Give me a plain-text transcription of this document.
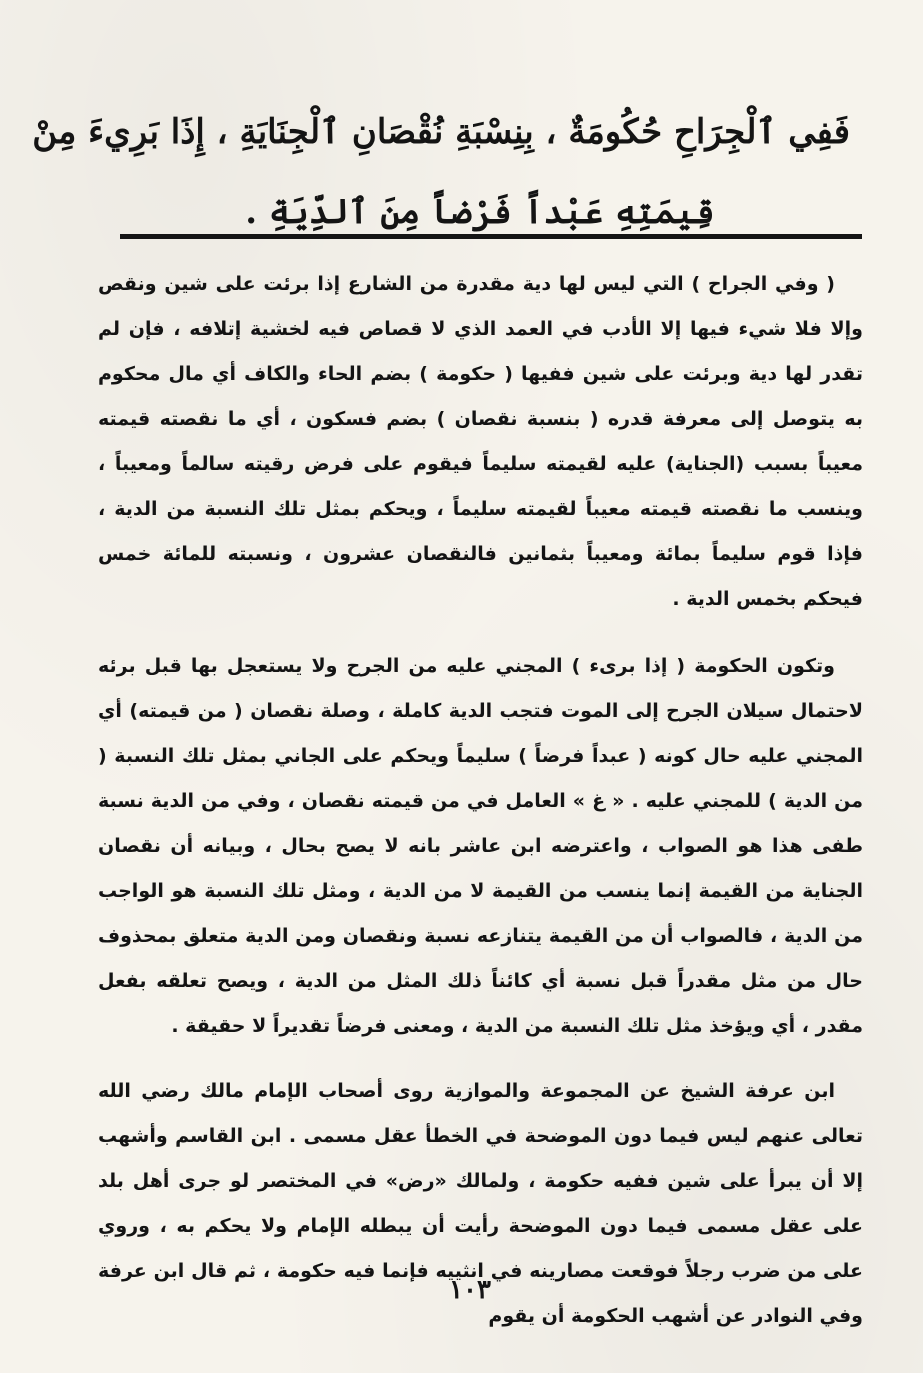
فَفِي ٱلْجِرَاحِ حُكُومَةٌ ، بِنِسْبَةِ نُقْصَانِ ٱلْجِنَايَةِ ، إِذَا بَرِيءَ مِنْ
قِيمَتِهِ عَبْداً فَرْضاً مِنَ ٱلدِّيَةِ .

( وفي الجراح ) التي ليس لها دية مقدرة من الشارع إذا برئت على شين ونقص وإلا فلا شيء فيها إلا الأدب في العمد الذي لا قصاص فيه لخشية إتلافه ، فإن لم تقدر لها دية وبرئت على شين ففيها ( حكومة ) بضم الحاء والكاف أي مال محكوم به يتوصل إلى معرفة قدره ( بنسبة نقصان ) بضم فسكون ، أي ما نقصته قيمته معيباً بسبب (الجناية) عليه لقيمته سليماً فيقوم على فرض رقيته سالماً ومعيباً ، وينسب ما نقصته قيمته معيباً لقيمته سليماً ، ويحكم بمثل تلك النسبة من الدية ، فإذا قوم سليماً بمائة ومعيباً بثمانين فالنقصان عشرون ، ونسبته للمائة خمس فيحكم بخمس الدية .

وتكون الحكومة ( إذا برىء ) المجني عليه من الجرح ولا يستعجل بها قبل برئه لاحتمال سيلان الجرح إلى الموت فتجب الدية كاملة ، وصلة نقصان ( من قيمته) أي المجني عليه حال كونه ( عبداً فرضاً ) سليماً ويحكم على الجاني بمثل تلك النسبة ( من الدية ) للمجني عليه . « غ » العامل في من قيمته نقصان ، وفي من الدية نسبة طفى هذا هو الصواب ، واعترضه ابن عاشر بانه لا يصح بحال ، وبيانه أن نقصان الجناية من القيمة إنما ينسب من القيمة لا من الدية ، ومثل تلك النسبة هو الواجب من الدية ، فالصواب أن من القيمة يتنازعه نسبة ونقصان ومن الدية متعلق بمحذوف حال من مثل مقدراً قبل نسبة أي كائناً ذلك المثل من الدية ، ويصح تعلقه بفعل مقدر ، أي ويؤخذ مثل تلك النسبة من الدية ، ومعنى فرضاً تقديراً لا حقيقة .

ابن عرفة الشيخ عن المجموعة والموازية روى أصحاب الإمام مالك رضي الله تعالى عنهم ليس فيما دون الموضحة في الخطأ عقل مسمى . ابن القاسم وأشهب إلا أن يبرأ على شين ففيه حكومة ، ولمالك «رض» في المختصر لو جرى أهل بلد على عقل مسمى فيما دون الموضحة رأيت أن يبطله الإمام ولا يحكم به ، وروي على من ضرب رجلاً فوقعت مصارينه في انثييه فإنما فيه حكومة ، ثم قال ابن عرفة وفي النوادر عن أشهب الحكومة أن يقوم

١٠٣
